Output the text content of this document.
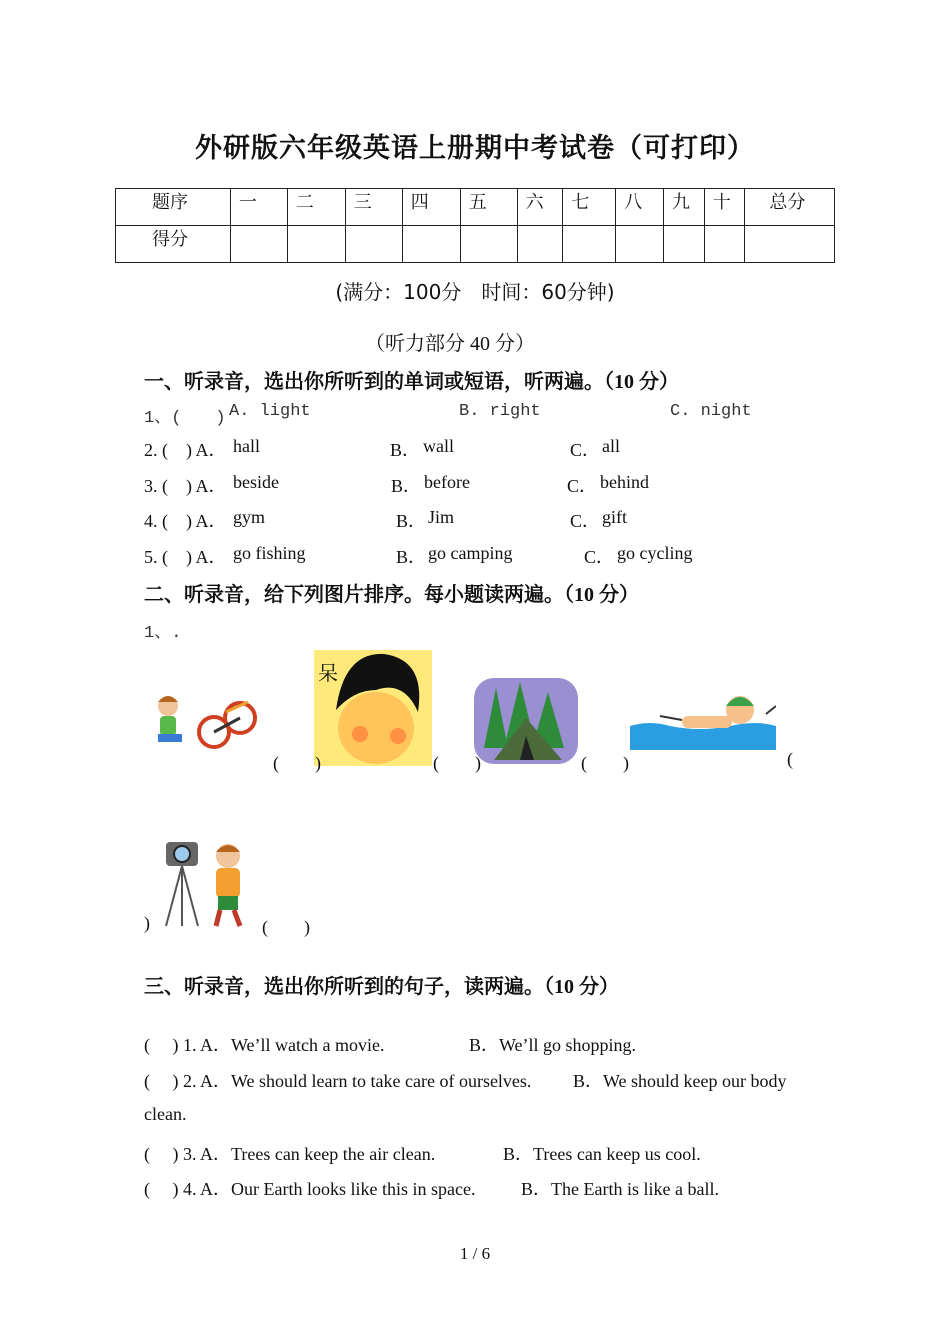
外研版六年级英语上册期中考试卷（可打印）
题序	一	二	三	四	五	六	七	八	九	十	总分
得分											
(满分：100分　时间：60分钟)
（听力部分 40 分）
一、听录音，选出你所听到的单词或短语，听两遍。（10 分）
1、(　　) A. light	B. right	C. night
2. (　) A． hall	B． wall	C． all
3. (　) A． beside	B． before	C． behind
4. (　) A． gym	B． Jim	C． gift
5. (　) A． go fishing	B． go camping	C． go cycling
二、听录音，给下列图片排序。每小题读两遍。（10 分）
1、.
呆
(　　)	(　　)	(　　)	(
)	(　　)
三、听录音，选出你所听到的句子，读两遍。（10 分）
(　 ) 1. A．We’ll watch a movie.	B．We’ll go shopping.
(　 ) 2. A．We should learn to take care of ourselves. B．We should keep our body
clean.
(　 ) 3. A．Trees can keep the air clean.	B．Trees can keep us cool.
(　 ) 4. A．Our Earth looks like this in space.	B．The Earth is like a ball.
1 / 6
